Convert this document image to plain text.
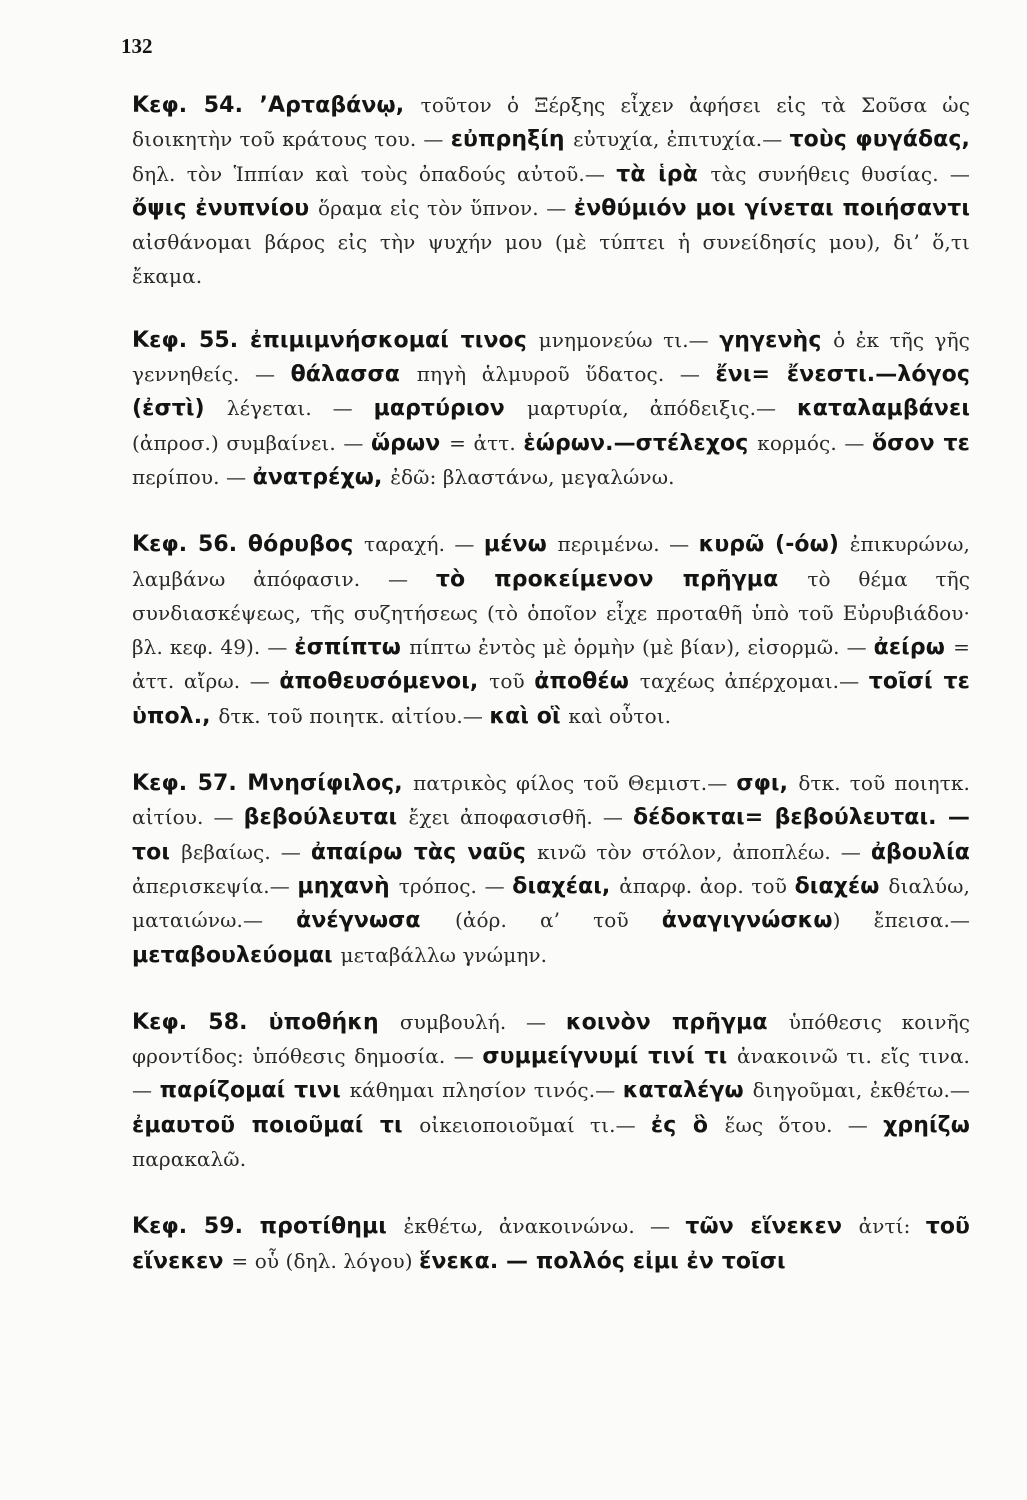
132

Κεφ. 54. ’Αρταβάνῳ, τοῦτον ὁ Ξέρξης εἶχεν ἀφήσει εἰς τὰ Σοῦσα ὡς διοικητὴν τοῦ κράτους του. — εὐπρηξίη εὐτυχία, ἐπιτυχία.— τοὺς φυγάδας, δηλ. τὸν Ἱππίαν καὶ τοὺς ὀπαδούς αὐτοῦ.— τὰ ἱρὰ τὰς συνήθεις θυσίας. — ὄψις ἐνυπνίου ὅραμα εἰς τὸν ὕπνον. — ἐνθύμιόν μοι γίνεται ποιήσαντι αἰσθάνομαι βάρος εἰς τὴν ψυχήν μου (μὲ τύπτει ἡ συνείδησίς μου), δι’ ὅ,τι ἔκαμα.

Κεφ. 55. ἐπιμιμνήσκομαί τινος μνημονεύω τι.— γηγενὴς ὁ ἐκ τῆς γῆς γεννηθείς. — θάλασσα πηγὴ ἁλμυροῦ ὕδατος. — ἔνι= ἔνεστι.—λόγος (ἐστὶ) λέγεται. — μαρτύριον μαρτυρία, ἀπόδειξις.— καταλαμβάνει (ἀπροσ.) συμβαίνει. — ὥρων = ἀττ. ἑώρων.—στέλεχος κορμός. — ὅσον τε περίπου. — ἀνατρέχω, ἐδῶ: βλαστάνω, μεγαλώνω.

Κεφ. 56. θόρυβος ταραχή. — μένω περιμένω. — κυρῶ (-όω) ἐπικυρώνω, λαμβάνω ἀπόφασιν. — τὸ προκείμενον πρῆγμα τὸ θέμα τῆς συνδιασκέψεως, τῆς συζητήσεως (τὸ ὁποῖον εἶχε προταθῆ ὑπὸ τοῦ Εὐρυβιάδου· βλ. κεφ. 49). — ἐσπίπτω πίπτω ἐντὸς μὲ ὁρμὴν (μὲ βίαν), εἰσορμῶ. — ἀείρω = ἀττ. αἴρω. — ἀποθευσόμενοι, τοῦ ἀποθέω ταχέως ἀπέρχομαι.— τοῖσί τε ὑπολ., δτκ. τοῦ ποιητκ. αἰτίου.— καὶ οἳ καὶ οὗτοι.

Κεφ. 57. Μνησίφιλος, πατρικὸς φίλος τοῦ Θεμιστ.— σφι, δτκ. τοῦ ποιητκ. αἰτίου. — βεβούλευται ἔχει ἀποφασισθῆ. — δέδοκται= βεβούλευται. — τοι βεβαίως. — ἀπαίρω τὰς ναῦς κινῶ τὸν στόλον, ἀποπλέω. — ἀβουλία ἀπερισκεψία.— μηχανὴ τρόπος. — διαχέαι, ἀπαρφ. ἀορ. τοῦ διαχέω διαλύω, ματαιώνω.— ἀνέγνωσα (ἀόρ. α’ τοῦ ἀναγιγνώσκω) ἔπεισα.— μεταβουλεύομαι μεταβάλλω γνώμην.

Κεφ. 58. ὑποθήκη συμβουλή. — κοινὸν πρῆγμα ὑπόθεσις κοινῆς φροντίδος: ὑπόθεσις δημοσία. — συμμείγνυμί τινί τι ἀνακοινῶ τι. εἴς τινα. — παρίζομαί τινι κάθημαι πλησίον τινός.— καταλέγω διηγοῦμαι, ἐκθέτω.— ἐμαυτοῦ ποιοῦμαί τι οἰκειοποιοῦμαί τι.— ἐς ὃ ἕως ὅτου. — χρηίζω παρακαλῶ.

Κεφ. 59. προτίθημι ἐκθέτω, ἀνακοινώνω. — τῶν εἵνεκεν ἀντί: τοῦ εἵνεκεν = οὗ (δηλ. λόγου) ἕνεκα. — πολλός εἰμι ἐν τοῖσι
